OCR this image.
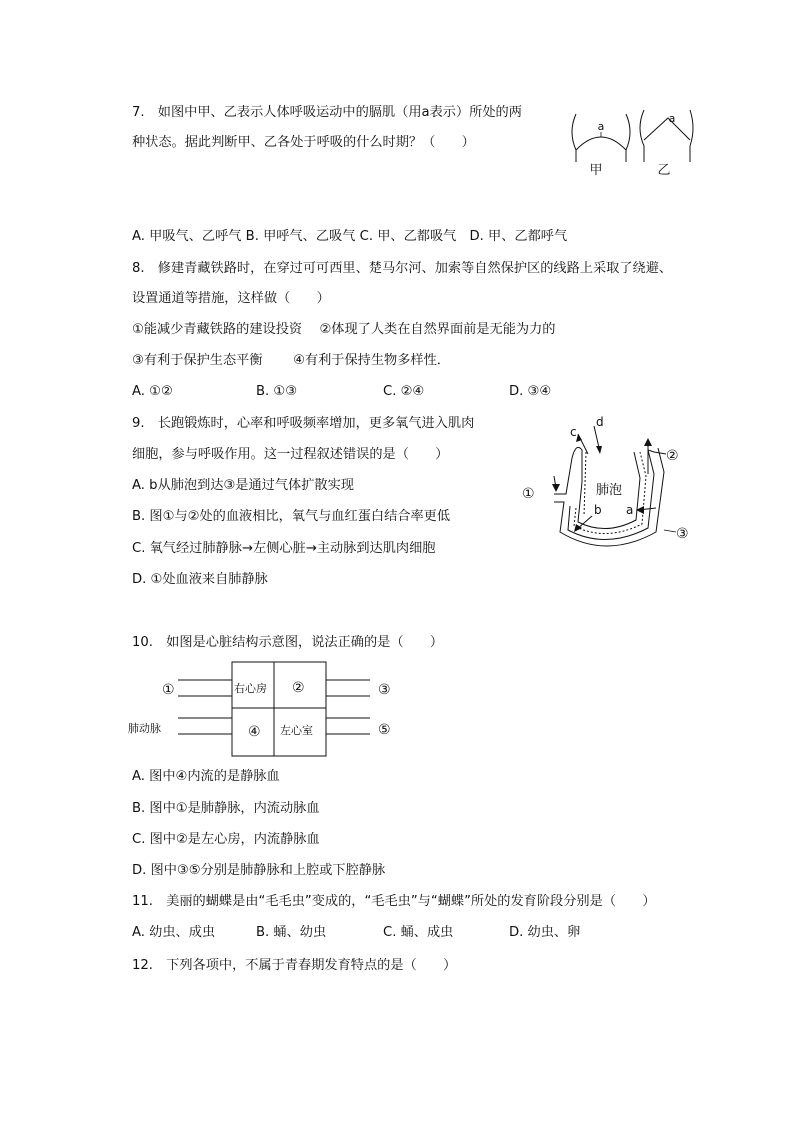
7.　如图中甲、乙表示人体呼吸运动中的膈肌（用a表示）所处的两
种状态。据此判断甲、乙各处于呼吸的什么时期？（　　）
a
甲
a
乙
A. 甲吸气、乙呼气 B. 甲呼气、乙吸气 C. 甲、乙都吸气　D. 甲、乙都呼气
8.　修建青藏铁路时，在穿过可可西里、楚马尔河、加索等自然保护区的线路上采取了绕避、
设置通道等措施，这样做（　　）
①能减少青藏铁路的建设投资　 ②体现了人类在自然界面前是无能为力的
③有利于保护生态平衡　　 ④有利于保持生物多样性．
A. ①②	B. ①③	C. ②④	D. ③④
9.　长跑锻炼时，心率和呼吸频率增加，更多氧气进入肌肉
细胞，参与呼吸作用。这一过程叙述错误的是（　　）
A. b从肺泡到达③是通过气体扩散实现
B. 图①与②处的血液相比，氧气与血红蛋白结合率更低
C. 氧气经过肺静脉→左侧心脏→主动脉到达肌肉细胞
D. ①处血液来自肺静脉
c
d
肺泡
①
②
③
b a
10.　如图是心脏结构示意图，说法正确的是（　　）
①	右心房 ②	③
肺动脉	④ 左心室	⑤
A. 图中④内流的是静脉血
B. 图中①是肺静脉，内流动脉血
C. 图中②是左心房，内流静脉血
D. 图中③⑤分别是肺静脉和上腔或下腔静脉
11.　美丽的蝴蝶是由“毛毛虫”变成的，“毛毛虫”与“蝴蝶”所处的发育阶段分别是（　　）
A. 幼虫、成虫	B. 蛹、幼虫	C. 蛹、成虫	D. 幼虫、卵
12.　下列各项中，不属于青春期发育特点的是（　　）
